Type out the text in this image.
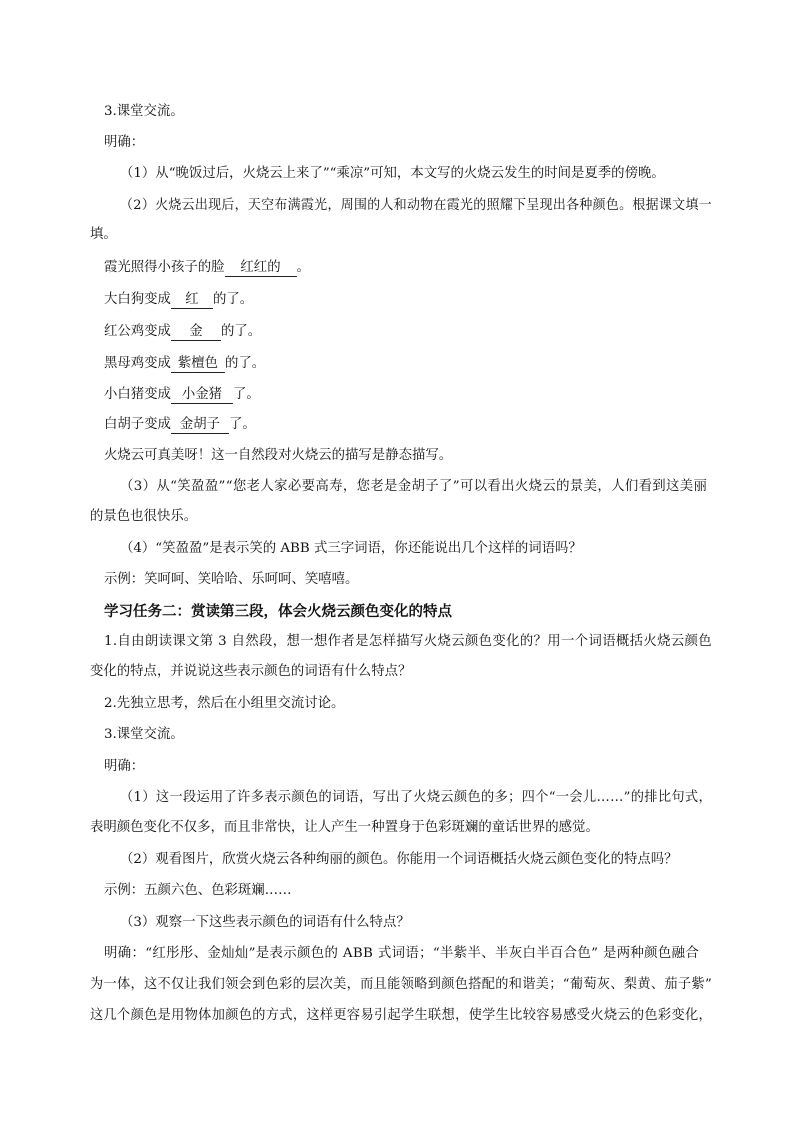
3.课堂交流。
明确：
（1）从“晚饭过后，火烧云上来了”“乘凉”可知，本文写的火烧云发生的时间是夏季的傍晚。
（2）火烧云出现后，天空布满霞光，周围的人和动物在霞光的照耀下呈现出各种颜色。根据课文填一
填。
霞光照得小孩子的脸 红红的 。
大白狗变成 红 的了。
红公鸡变成 金 的了。
黑母鸡变成 紫檀色 的了。
小白猪变成 小金猪 了。
白胡子变成 金胡子 了。
火烧云可真美呀！这一自然段对火烧云的描写是静态描写。
（3）从“笑盈盈”“您老人家必要高寿，您老是金胡子了”可以看出火烧云的景美，人们看到这美丽
的景色也很快乐。
（4）“笑盈盈”是表示笑的 ABB 式三字词语，你还能说出几个这样的词语吗？
示例：笑呵呵、笑哈哈、乐呵呵、笑嘻嘻。
学习任务二：赏读第三段，体会火烧云颜色变化的特点
1.自由朗读课文第 3 自然段，想一想作者是怎样描写火烧云颜色变化的？用一个词语概括火烧云颜色
变化的特点，并说说这些表示颜色的词语有什么特点？
2.先独立思考，然后在小组里交流讨论。
3.课堂交流。
明确：
（1）这一段运用了许多表示颜色的词语，写出了火烧云颜色的多；四个“一会儿……”的排比句式，
表明颜色变化不仅多，而且非常快，让人产生一种置身于色彩斑斓的童话世界的感觉。
（2）观看图片，欣赏火烧云各种绚丽的颜色。你能用一个词语概括火烧云颜色变化的特点吗？
示例：五颜六色、色彩斑斓……
（3）观察一下这些表示颜色的词语有什么特点？
明确：“红彤彤、金灿灿”是表示颜色的 ABB 式词语；“半紫半、半灰白半百合色” 是两种颜色融合
为一体，这不仅让我们领会到色彩的层次美，而且能领略到颜色搭配的和谐美；“葡萄灰、梨黄、茄子紫”
这几个颜色是用物体加颜色的方式，这样更容易引起学生联想，使学生比较容易感受火烧云的色彩变化，
